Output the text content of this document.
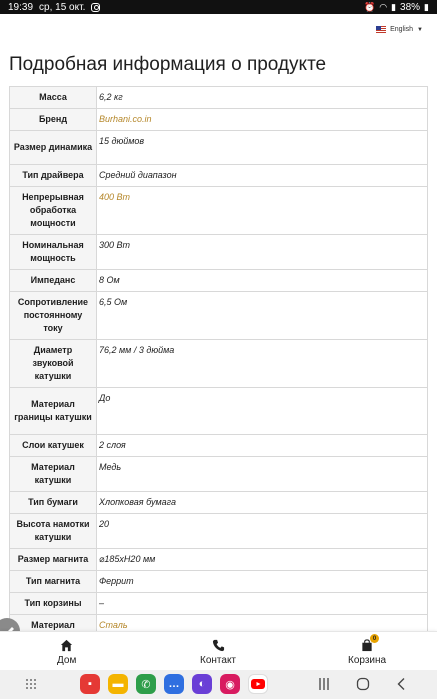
19:39 ср, 15 окт.	⏰ ◠ ▮ 38% ▮
English ▼
Подробная информация о продукте
Масса	6,2 кг
Бренд	Burhani.co.in
Размер динамика	15 дюймов
Тип драйвера	Средний диапазон
Непрерывная обработка мощности	400 Вт
Номинальная мощность	300 Вт
Импеданс	8 Ом
Сопротивление постоянному току	6,5 Ом
Диаметр звуковой катушки	76,2 мм / 3 дюйма
Материал границы катушки	До
Слои катушек	2 слоя
Материал катушки	Медь
Тип бумаги	Хлопковая бумага
Высота намотки катушки	20
Размер магнита	⌀185xH20 мм
Тип магнита	Феррит
Тип корзины	–
Материал	Сталь
Дом	Контакт
0
Корзина
▪	▬	✆	…	◐	◉
